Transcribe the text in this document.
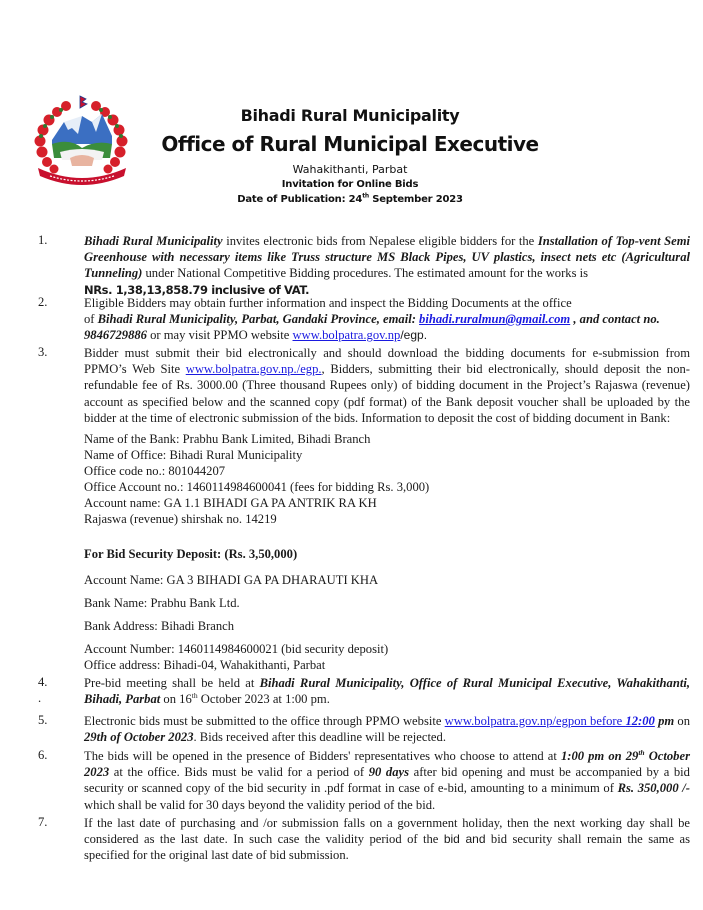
Bihadi Rural Municipality
Office of Rural Municipal Executive
Wahakithanti, Parbat
Invitation for Online Bids
Date of Publication: 24th September 2023
1.	Bihadi Rural Municipality invites electronic bids from Nepalese eligible bidders for the Installation of Top-vent Semi Greenhouse with necessary items like Truss structure MS Black Pipes, UV plastics, insect nets etc (Agricultural Tunneling) under National Competitive Bidding procedures. The estimated amount for the works is
NRs. 1,38,13,858.79 inclusive of VAT.
2.	Eligible Bidders may obtain further information and inspect the Bidding Documents at the office
of Bihadi Rural Municipality, Parbat, Gandaki Province, email: bihadi.ruralmun@gmail.com , and contact no.
9846729886 or may visit PPMO website www.bolpatra.gov.np/egp.
3.	Bidder must submit their bid electronically and should download the bidding documents for e-submission from PPMO’s Web Site www.bolpatra.gov.np./egp., Bidders, submitting their bid electronically, should deposit the non-refundable fee of Rs. 3000.00 (Three thousand Rupees only) of bidding document in the Project’s Rajaswa (revenue) account as specified below and the scanned copy (pdf format) of the Bank deposit voucher shall be uploaded by the bidder at the time of electronic submission of the bids. Information to deposit the cost of bidding document in Bank:
Name of the Bank: Prabhu Bank Limited, Bihadi Branch
Name of Office: Bihadi Rural Municipality
Office code no.: 801044207
Office Account no.: 1460114984600041 (fees for bidding Rs. 3,000)
Account name: GA 1.1 BIHADI GA PA ANTRIK RA KH
Rajaswa (revenue) shirshak no. 14219
For Bid Security Deposit: (Rs. 3,50,000)
Account Name: GA 3 BIHADI GA PA DHARAUTI KHA
Bank Name: Prabhu Bank Ltd.
Bank Address: Bihadi Branch
Account Number: 1460114984600021 (bid security deposit)
Office address: Bihadi-04, Wahakithanti, Parbat
4.
.
Pre-bid meeting shall be held at Bihadi Rural Municipality, Office of Rural Municipal Executive, Wahakithanti, Bihadi, Parbat on 16th October 2023 at 1:00 pm.
5.	Electronic bids must be submitted to the office through PPMO website www.bolpatra.gov.np/egpon before 12:00 pm on 29th of October 2023. Bids received after this deadline will be rejected.
6.	The bids will be opened in the presence of Bidders' representatives who choose to attend at 1:00 pm on 29th October 2023 at the office. Bids must be valid for a period of 90 days after bid opening and must be accompanied by a bid security or scanned copy of the bid security in .pdf format in case of e-bid, amounting to a minimum of Rs. 350,000 /- which shall be valid for 30 days beyond the validity period of the bid.
7.	If the last date of purchasing and /or submission falls on a government holiday, then the next working day shall be considered as the last date. In such case the validity period of the bid and bid security shall remain the same as specified for the original last date of bid submission.
